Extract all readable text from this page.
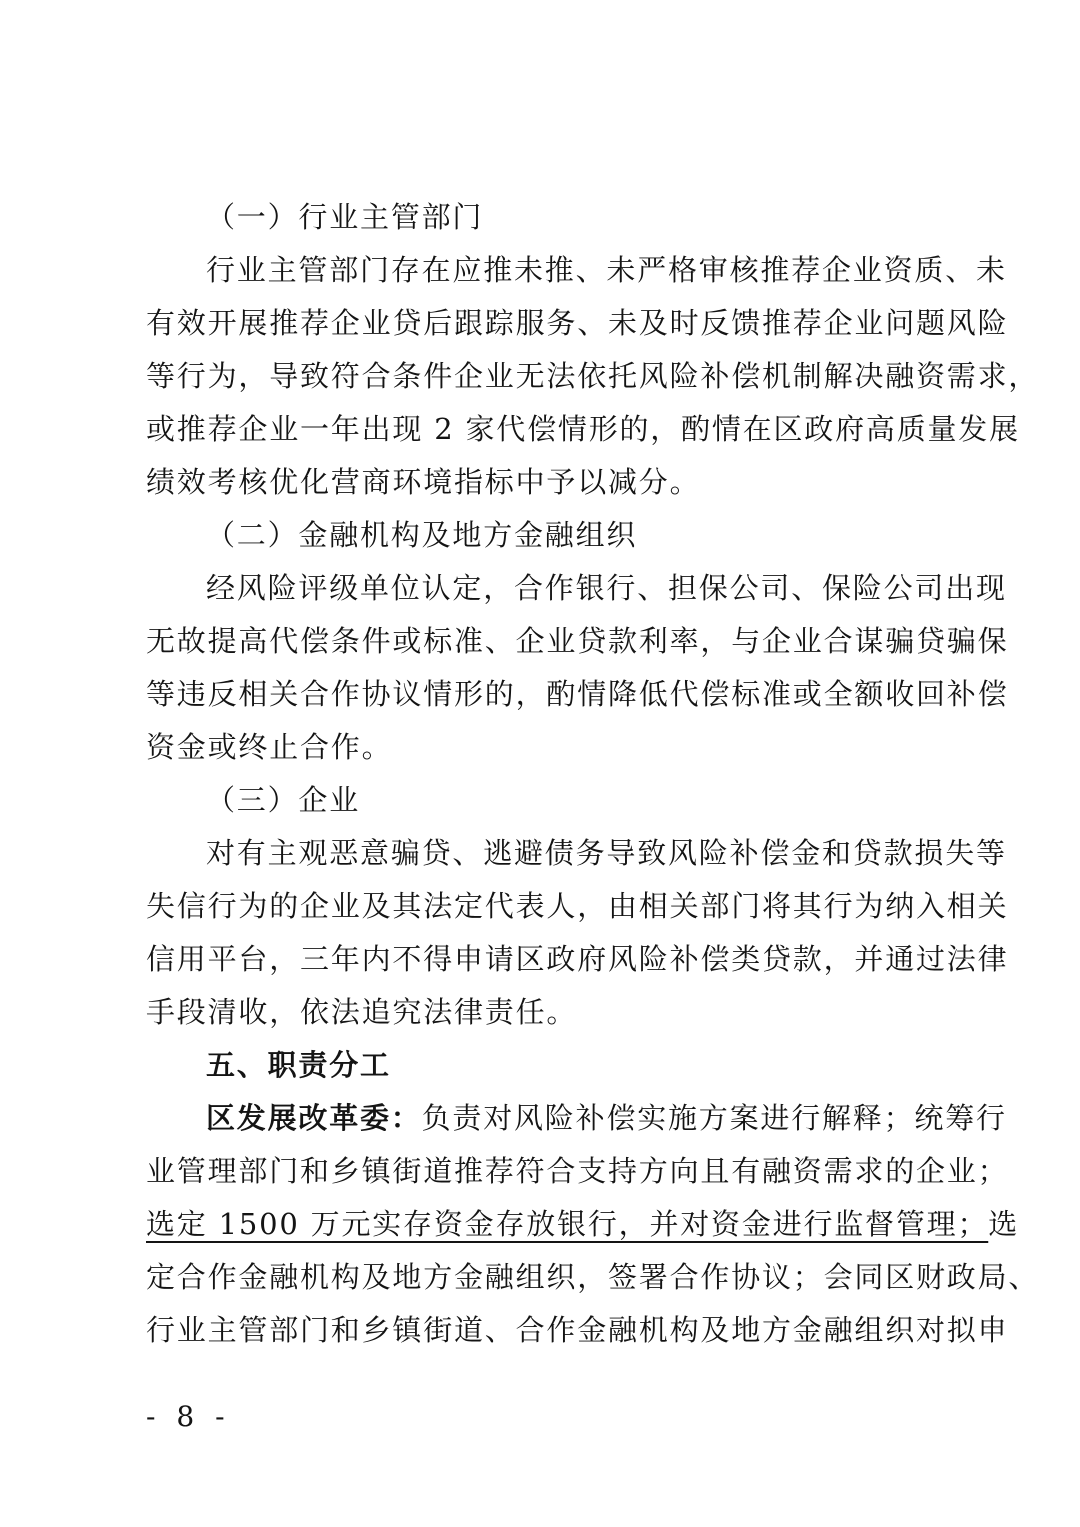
（一）行业主管部门
行业主管部门存在应推未推、未严格审核推荐企业资质、未
有效开展推荐企业贷后跟踪服务、未及时反馈推荐企业问题风险
等行为，导致符合条件企业无法依托风险补偿机制解决融资需求，
或推荐企业一年出现 2 家代偿情形的，酌情在区政府高质量发展
绩效考核优化营商环境指标中予以减分。
（二）金融机构及地方金融组织
经风险评级单位认定，合作银行、担保公司、保险公司出现
无故提高代偿条件或标准、企业贷款利率，与企业合谋骗贷骗保
等违反相关合作协议情形的，酌情降低代偿标准或全额收回补偿
资金或终止合作。
（三）企业
对有主观恶意骗贷、逃避债务导致风险补偿金和贷款损失等
失信行为的企业及其法定代表人，由相关部门将其行为纳入相关
信用平台，三年内不得申请区政府风险补偿类贷款，并通过法律
手段清收，依法追究法律责任。
五、职责分工
区发展改革委：负责对风险补偿实施方案进行解释；统筹行
业管理部门和乡镇街道推荐符合支持方向且有融资需求的企业；
选定 1500 万元实存资金存放银行，并对资金进行监督管理；选
定合作金融机构及地方金融组织，签署合作协议；会同区财政局、
行业主管部门和乡镇街道、合作金融机构及地方金融组织对拟申
- 8 -
